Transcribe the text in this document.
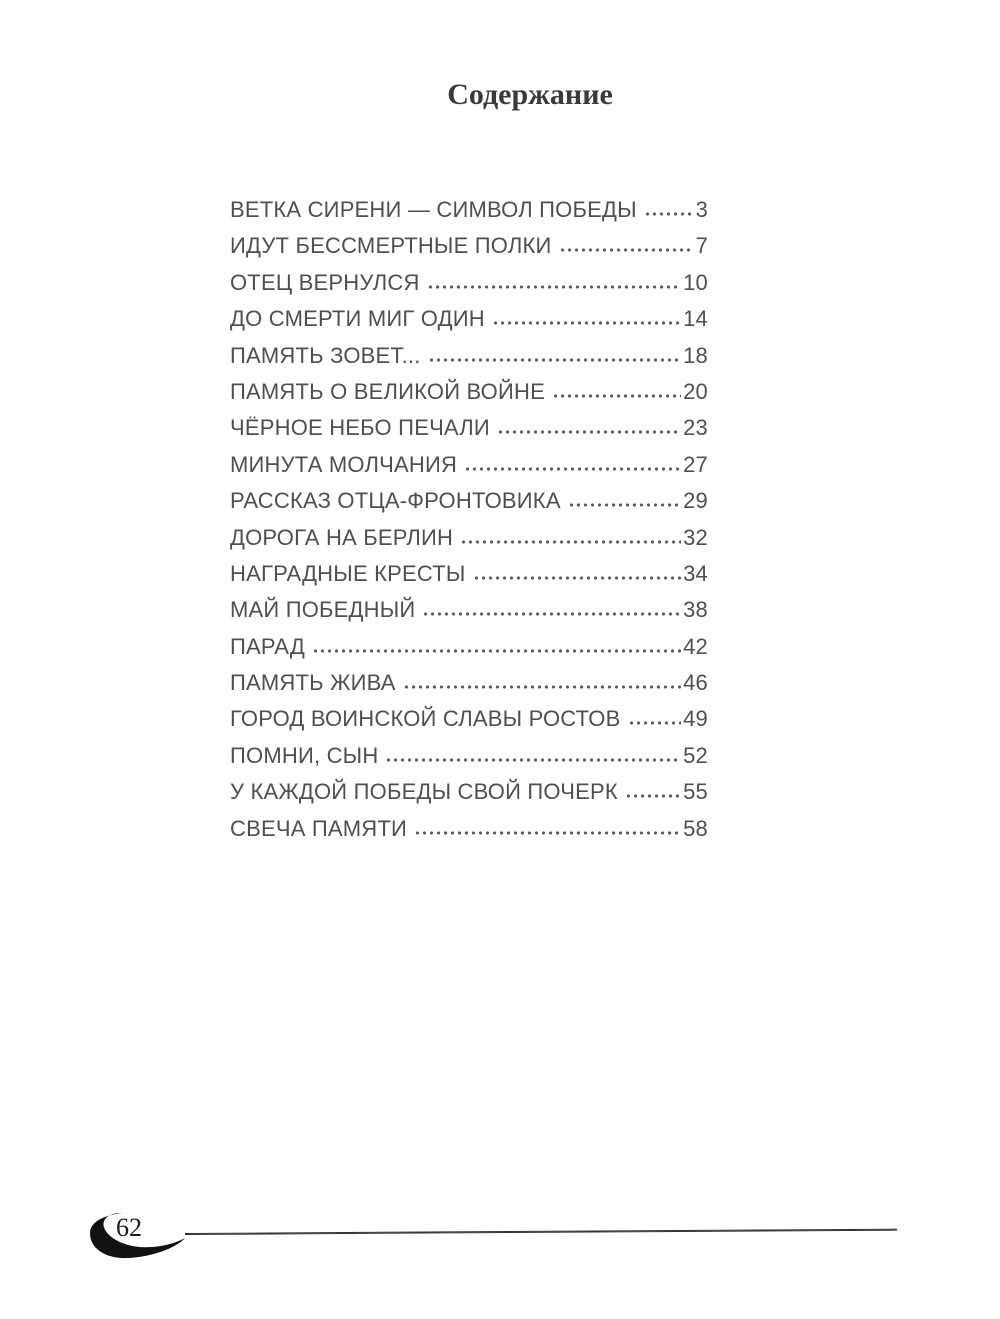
Содержание
ВЕТКА СИРЕНИ — СИМВОЛ ПОБЕДЫ	3
ИДУТ БЕССМЕРТНЫЕ ПОЛКИ	7
ОТЕЦ ВЕРНУЛСЯ	10
ДО СМЕРТИ МИГ ОДИН	14
ПАМЯТЬ ЗОВЕТ...	18
ПАМЯТЬ О ВЕЛИКОЙ ВОЙНЕ	20
ЧЁРНОЕ НЕБО ПЕЧАЛИ	23
МИНУТА МОЛЧАНИЯ	27
РАССКАЗ ОТЦА-ФРОНТОВИКА	29
ДОРОГА НА БЕРЛИН	32
НАГРАДНЫЕ КРЕСТЫ	34
МАЙ ПОБЕДНЫЙ	38
ПАРАД	42
ПАМЯТЬ ЖИВА	46
ГОРОД ВОИНСКОЙ СЛАВЫ РОСТОВ	49
ПОМНИ, СЫН	52
У КАЖДОЙ ПОБЕДЫ СВОЙ ПОЧЕРК	55
СВЕЧА ПАМЯТИ	58
62
